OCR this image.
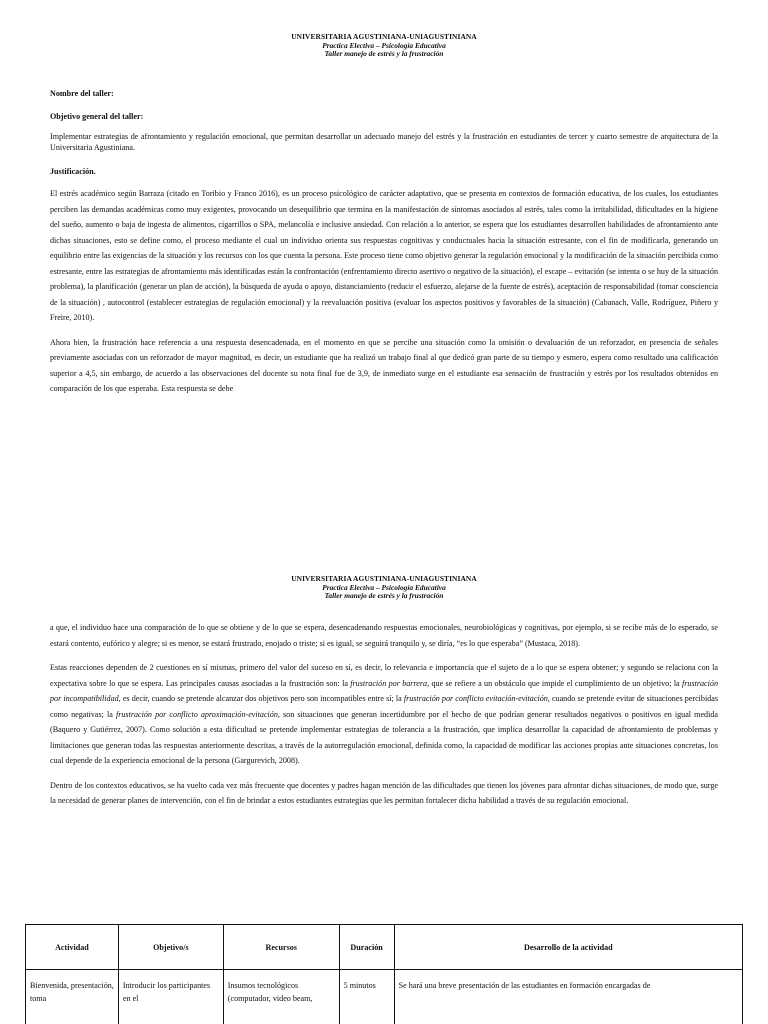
UNIVERSITARIA AGUSTINIANA-UNIAGUSTINIANA
Practica Electiva – Psicología Educativa
Taller manejo de estrés y la frustración
Nombre del taller:
Objetivo general del taller:

Implementar estrategias de afrontamiento y regulación emocional, que permitan desarrollar un adecuado manejo del estrés y la frustración en estudiantes de tercer y cuarto semestre de arquitectura de la Universitaria Agustiniana.

Justificación.

El estrés académico según Barraza (citado en Toribio y Franco 2016), es un proceso psicológico de carácter adaptativo, que se presenta en contextos de formación educativa, de los cuales, los estudiantes perciben las demandas académicas como muy exigentes, provocando un desequilibrio que termina en la manifestación de síntomas asociados al estrés, tales como la irritabilidad, dificultades en la higiene del sueño, aumento o baja de ingesta de alimentos, cigarrillos o SPA, melancolía e inclusive ansiedad. Con relación a lo anterior, se espera que los estudiantes desarrollen habilidades de afrontamiento ante dichas situaciones, esto se define como, el proceso mediante el cual un individuo orienta sus respuestas cognitivas y conductuales hacia la situación estresante, con el fin de modificarla, generando un equilibrio entre las exigencias de la situación y los recursos con los que cuenta la persona. Este proceso tiene como objetivo generar la regulación emocional y la modificación de la situación percibida como estresante, entre las estrategias de afrontamiento más identificadas están la confrontación (enfrentamiento directo asertivo o negativo de la situación), el escape – evitación (se intenta o se huy de la situación problema), la planificación (generar un plan de acción), la búsqueda de ayuda o apoyo, distanciamiento (reducir el esfuerzo, alejarse de la fuente de estrés), aceptación de responsabilidad (tomar consciencia de la situación) , autocontrol (establecer estrategias de regulación emocional) y la reevaluación positiva (evaluar los aspectos positivos y favorables de la situación) (Cabanach, Valle, Rodríguez, Piñero y Freire, 2010).

Ahora bien, la frustración hace referencia a una respuesta desencadenada, en el momento en que se percibe una situación como la omisión o devaluación de un reforzador, en presencia de señales previamente asociadas con un reforzador de mayor magnitud, es decir, un estudiante que ha realizó un trabajo final al que dedicó gran parte de su tiempo y esmero, espera como resultado una calificación superior a 4,5, sin embargo, de acuerdo a las observaciones del docente su nota final fue de 3,9, de inmediato surge en el estudiante esa sensación de frustración y estrés por los resultados obtenidos en comparación de los que esperaba. Esta respuesta se debe

UNIVERSITARIA AGUSTINIANA-UNIAGUSTINIANA
Practica Electiva – Psicología Educativa
Taller manejo de estrés y la frustración

a que, el individuo hace una comparación de lo que se obtiene y de lo que se espera, desencadenando respuestas emocionales, neurobiológicas y cognitivas, por ejemplo, si se recibe más de lo esperado, se estará contento, eufórico y alegre; si es menor, se estará frustrado, enojado o triste; si es igual, se seguirá tranquilo y, se diría, “es lo que esperaba” (Mustaca, 2018).

Estas reacciones dependen de 2 cuestiones en sí mismas, primero del valor del suceso en sí, es decir, lo relevancia e importancia que el sujeto de a lo que se espera obtener; y segundo se relaciona con la expectativa sobre lo que se espera. Las principales causas asociadas a la frustración son: la frustración por barrera, que se refiere a un obstáculo que impide el cumplimiento de un objetivo; la frustración por incompatibilidad, es decir, cuando se pretende alcanzar dos objetivos pero son incompatibles entre sí; la frustración por conflicto evitación-evitación, cuando se pretende evitar de situaciones percibidas como negativas; la frustración por conflicto aproximación-evitación, son situaciones que generan incertidumbre por el hecho de que podrían generar resultados negativos o positivos en igual medida (Baquero y Gutiérrez, 2007). Como solución a esta dificultad se pretende implementar estrategias de tolerancia a la frustración, que implica desarrollar la capacidad de afrontamiento de problemas y limitaciones que generan todas las respuestas anteriormente descritas, a través de la autorregulación emocional, definida como, la capacidad de modificar las acciones propias ante situaciones concretas, los cual depende de la experiencia emocional de la persona (Gargurevich, 2008).

Dentro de los contextos educativos, se ha vuelto cada vez más frecuente que docentes y padres hagan mención de las dificultades que tienen los jóvenes para afrontar dichas situaciones, de modo que, surge la necesidad de generar planes de intervención, con el fin de brindar a estos estudiantes estrategias que les permitan fortalecer dicha habilidad a través de su regulación emocional.

Actividad	Objetivo/s	Recursos	Duración	Desarrollo de la actividad
Bienvenida, presentación, toma	Introducir los participantes en el	Insumos tecnológicos (computador, video beam,	5 minutos	Se hará una breve presentación de las estudiantes en formación encargadas de
